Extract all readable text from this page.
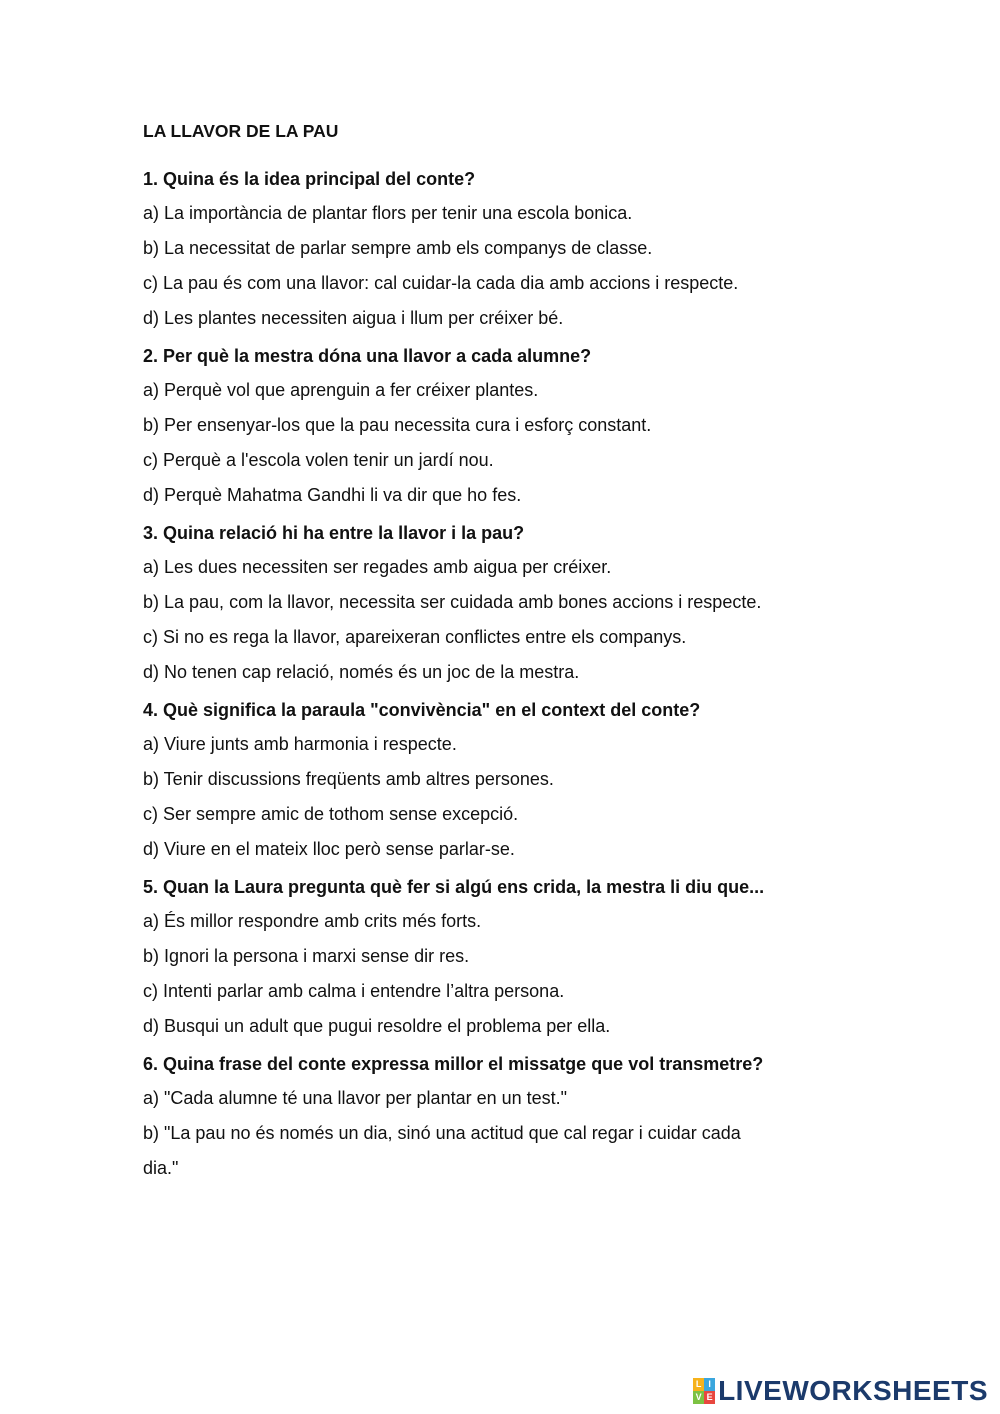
LA LLAVOR DE LA PAU
1. Quina és la idea principal del conte?
a) La importància de plantar flors per tenir una escola bonica.
b) La necessitat de parlar sempre amb els companys de classe.
c) La pau és com una llavor: cal cuidar-la cada dia amb accions i respecte.
d) Les plantes necessiten aigua i llum per créixer bé.
2. Per què la mestra dóna una llavor a cada alumne?
a) Perquè vol que aprenguin a fer créixer plantes.
b) Per ensenyar-los que la pau necessita cura i esforç constant.
c) Perquè a l'escola volen tenir un jardí nou.
d) Perquè Mahatma Gandhi li va dir que ho fes.
3. Quina relació hi ha entre la llavor i la pau?
a) Les dues necessiten ser regades amb aigua per créixer.
b) La pau, com la llavor, necessita ser cuidada amb bones accions i respecte.
c) Si no es rega la llavor, apareixeran conflictes entre els companys.
d) No tenen cap relació, només és un joc de la mestra.
4. Què significa la paraula "convivència" en el context del conte?
a) Viure junts amb harmonia i respecte.
b) Tenir discussions freqüents amb altres persones.
c) Ser sempre amic de tothom sense excepció.
d) Viure en el mateix lloc però sense parlar-se.
5. Quan la Laura pregunta què fer si algú ens crida, la mestra li diu que...
a) És millor respondre amb crits més forts.
b) Ignori la persona i marxi sense dir res.
c) Intenti parlar amb calma i entendre l’altra persona.
d) Busqui un adult que pugui resoldre el problema per ella.
6. Quina frase del conte expressa millor el missatge que vol transmetre?
a) "Cada alumne té una llavor per plantar en un test."
b) "La pau no és només un dia, sinó una actitud que cal regar i cuidar cada
dia."
L I
V E LIVEWORKSHEETS
